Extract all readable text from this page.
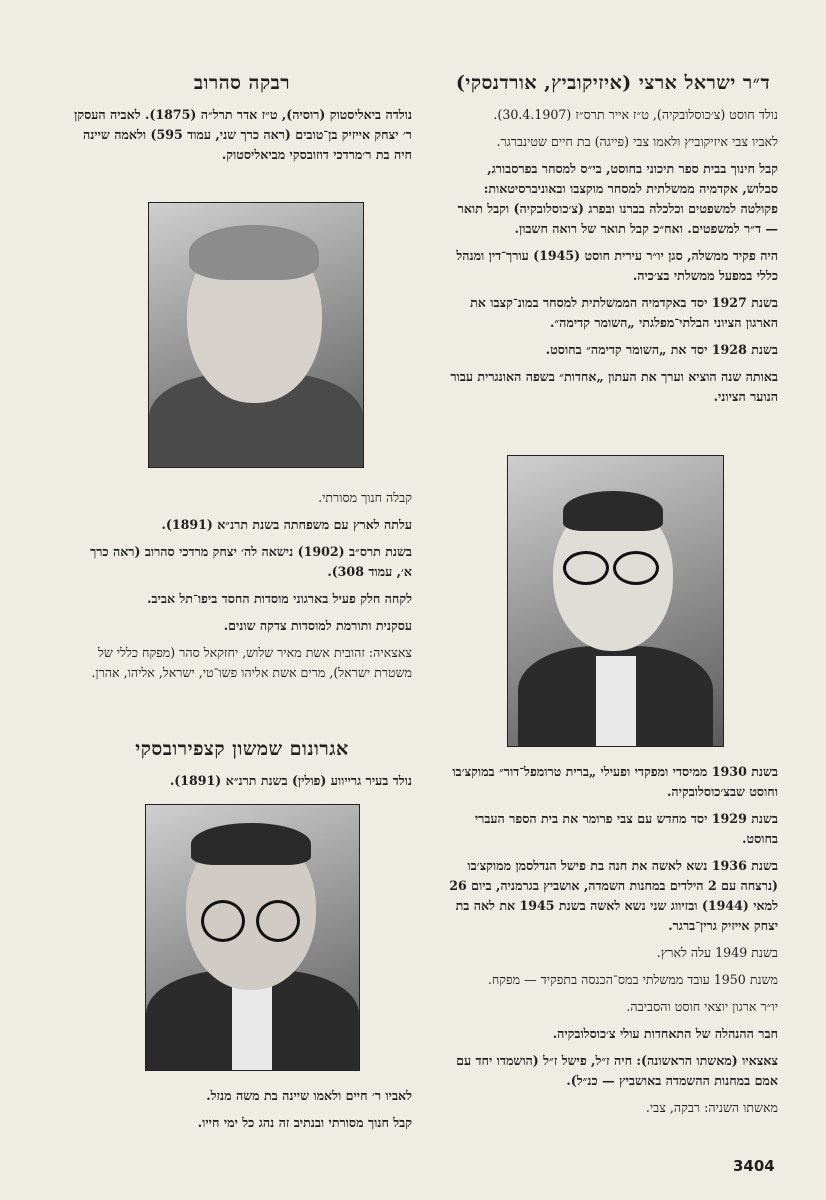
ד״ר ישראל ארצי (איזיקוביץ, אורדנסקי)

נולד חוסט (צ׳כוסלובקיה), ט״ז אייר תרס״ז (30.4.1907).

לאביו צבי איזיקוביץ ולאמו צבי (פייגה) בת חיים שטינברגר.

קבל חינוך בבית ספר תיכוני בחוסט, בי״ס למסחר בפרסבורג, סבלוש, אקדמיה ממשלתית למסחר מוקצבו ובאוניברסיטאות: פקולטה למשפטים וכלכלה בברנו ובפרג (צ׳כוסלובקיה) וקבל תואר — ד״ר למשפטים. ואח״כ קבל תואר של רואה חשבון.

היה פקיד ממשלה, סגן יו״ר עירית חוסט (1945) עורך־דין ומנהל כללי במפעל ממשלתי בצ׳כיה.

בשנת 1927 יסד באקדמיה הממשלתית למסחר במונ־קצבו את הארגון הציוני הבלתי־מפלגתי „השומר קדימה״.

בשנת 1928 יסד את „השומר קדימה״ בחוסט.

באותה שנה הוציא וערך את העתון „אחדות״ בשפה האונגרית עבור הנוער הציוני.

בשנת 1930 ממיסדי ומפקדי ופעילי „ברית טרומפל־דור״ במוקצ׳בו וחוסט שבצ׳כוסלובקיה.

בשנת 1929 יסד מחדש עם צבי פרומר את בית הספר העברי בחוסט.

בשנת 1936 נשא לאשה את חנה בת פישל הנדלסמן ממוקצ׳בו (נרצחה עם 2 הילדים במחנות השמדה, אושביץ בגרמניה, ביום 26 למאי (1944) ובזיווג שני נשא לאשה בשנת 1945 את לאה בת יצחק אייזיק גרין־ברגר.

בשנת 1949 עלה לארץ.

משנת 1950 עובד ממשלתי במס־הכנסה בתפקיד — מפקח.

יו״ר ארגון יוצאי חוסט והסביבה.

חבר ההנהלה של התאחדות עולי צ׳כוסלובקיה.

צאצאיו (מאשתו הראשונה): חיה ז״ל, פישל ז״ל (הושמדו יחד עם אמם במחנות ההשמדה באושביץ — כנ״ל).

מאשתו השניה: רבקה, צבי.

רבקה סהרוב

נולדה ביאליסטוק (רוסיה), ט״ז אדר תרל״ה (1875). לאביה העסקן ר׳ יצחק אייזיק בן־טובים (ראה כרך שני, עמוד 595) ולאמה שיינה חיה בת ר׳מרדכי דוזובסקי מביאליסטוק.

קבלה חנוך מסורתי.

עלתה לארץ עם משפחתה בשנת תרנ״א (1891).

בשנת תרס״ב (1902) נישאה לה׳ יצחק מרדכי סהרוב (ראה כרך א׳, עמוד 308).

לקחה חלק פעיל בארגוני מוסדות החסד ביפו־תל אביב.

עסקנית ותורמת למוסדות צדקה שונים.

צאצאיה: זהובית אשת מאיר שלוש, יחזקאל סהר (מפקח כללי של משטרת ישראל), מרים אשת אליהו פשו־טי, ישראל, אליהו, אהרן.

אגרונום שמשון קצפירובסקי

נולד בעיר גרייווע (פולין) בשנת תרנ״א (1891).

לאביו ר׳ חיים ולאמו שיינה בת משה מנזל.

קבל חנוך מסורתי ובנתיב זה נהג כל ימי חייו.

3404
